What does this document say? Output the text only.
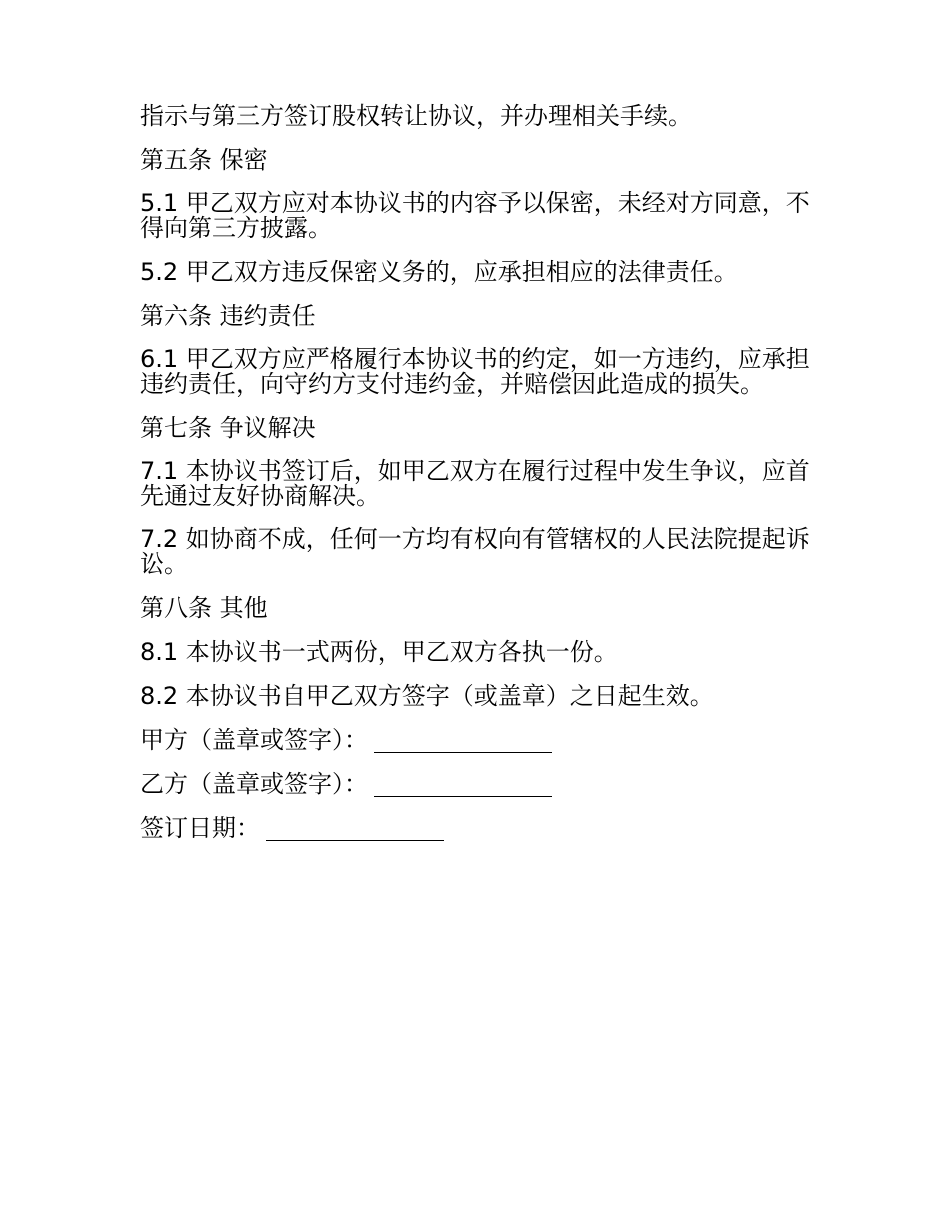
指示与第三方签订股权转让协议，并办理相关手续。

第五条 保密

5.1 甲乙双方应对本协议书的内容予以保密，未经对方同意，不得向第三方披露。

5.2 甲乙双方违反保密义务的，应承担相应的法律责任。

第六条 违约责任

6.1 甲乙双方应严格履行本协议书的约定，如一方违约，应承担违约责任，向守约方支付违约金，并赔偿因此造成的损失。

第七条 争议解决

7.1 本协议书签订后，如甲乙双方在履行过程中发生争议，应首先通过友好协商解决。

7.2 如协商不成，任何一方均有权向有管辖权的人民法院提起诉讼。

第八条 其他

8.1 本协议书一式两份，甲乙双方各执一份。

8.2 本协议书自甲乙双方签字（或盖章）之日起生效。

甲方（盖章或签字）：
乙方（盖章或签字）：
签订日期：
